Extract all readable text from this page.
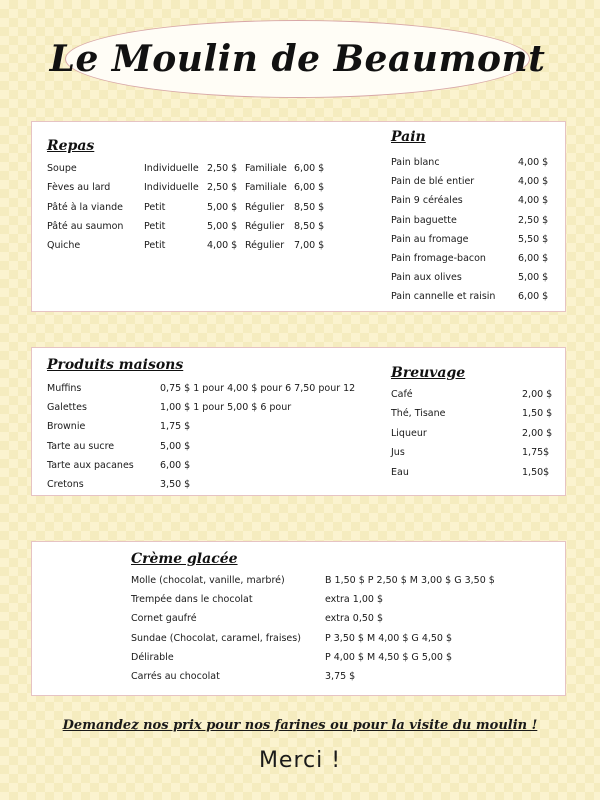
Le Moulin de Beaumont
Repas
Soupe	Individuelle 2,50 $ Familiale 6,00 $
Fèves au lard	Individuelle 2,50 $ Familiale 6,00 $
Pâté à la viande Petit	5,00 $ Régulier 8,50 $
Pâté au saumon Petit	5,00 $ Régulier 8,50 $
Quiche	Petit	4,00 $ Régulier 7,00 $
Pain
Pain blanc	4,00 $
Pain de blé entier	4,00 $
Pain 9 céréales	4,00 $
Pain baguette	2,50 $
Pain au fromage	5,50 $
Pain fromage-bacon	6,00 $
Pain aux olives	5,00 $
Pain cannelle et raisin 6,00 $
Produits maisons
Muffins	0,75 $ 1 pour 4,00 $ pour 6 7,50 pour 12
Galettes	1,00 $ 1 pour 5,00 $ 6 pour
Brownie	1,75 $
Tarte au sucre	5,00 $
Tarte aux pacanes	6,00 $
Cretons	3,50 $
Breuvage
Café	2,00 $
Thé, Tisane	1,50 $
Liqueur	2,00 $
Jus	1,75$
Eau	1,50$
Crème glacée
Molle (chocolat, vanille, marbré)	B 1,50 $ P 2,50 $ M 3,00 $ G 3,50 $
Trempée dans le chocolat	extra 1,00 $
Cornet gaufré	extra 0,50 $
Sundae (Chocolat, caramel, fraises)	P 3,50 $ M 4,00 $ G 4,50 $
Délirable	P 4,00 $ M 4,50 $ G 5,00 $
Carrés au chocolat	3,75 $
Demandez nos prix pour nos farines ou pour la visite du moulin !
Merci !
